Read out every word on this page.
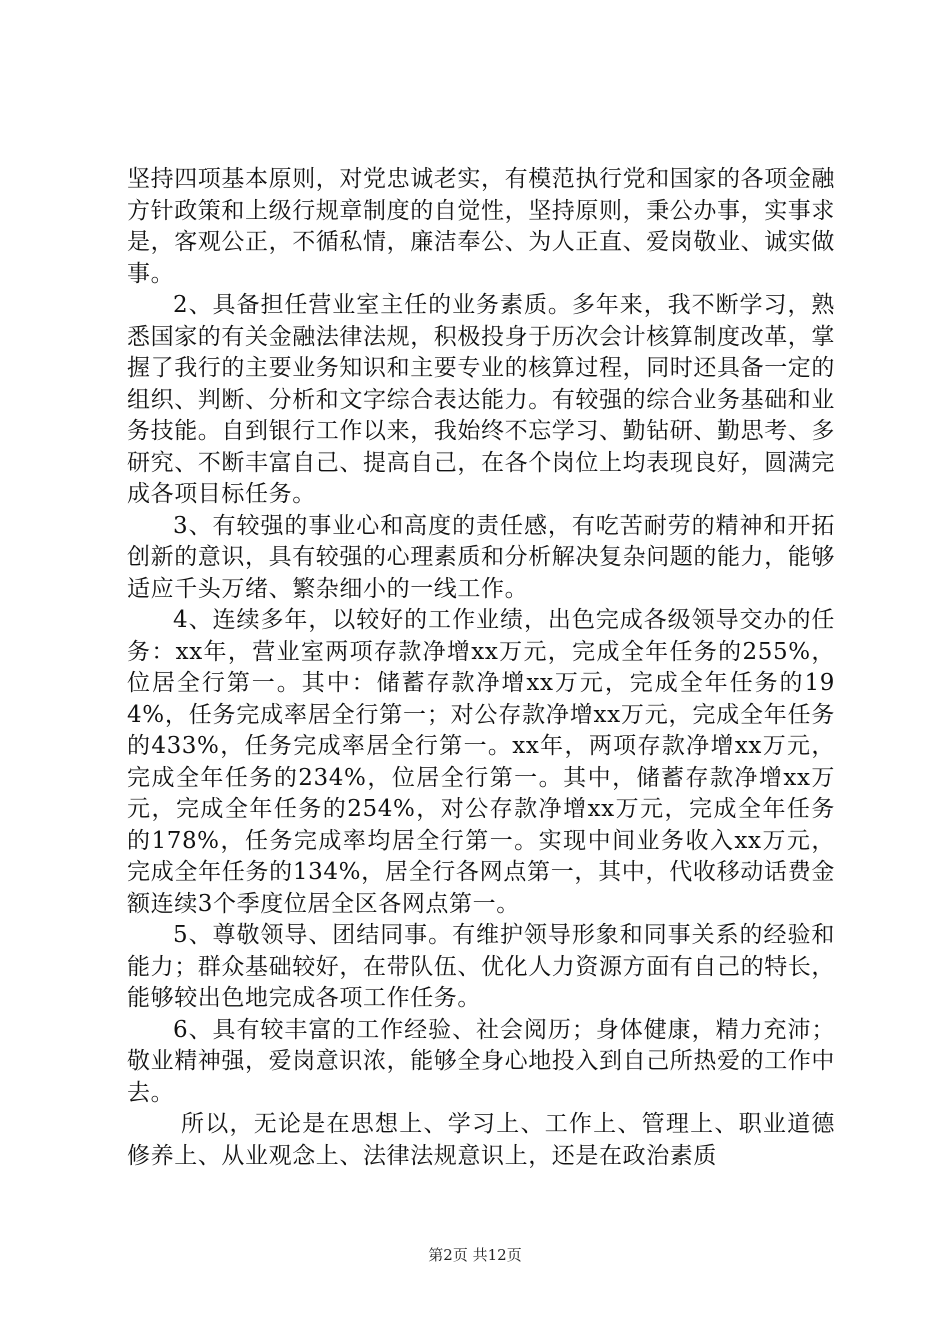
坚持四项基本原则，对党忠诚老实，有模范执行党和国家的各项金融方针政策和上级行规章制度的自觉性，坚持原则，秉公办事，实事求是，客观公正，不循私情，廉洁奉公、为人正直、爱岗敬业、诚实做事。

2、具备担任营业室主任的业务素质。多年来，我不断学习，熟悉国家的有关金融法律法规，积极投身于历次会计核算制度改革，掌握了我行的主要业务知识和主要专业的核算过程，同时还具备一定的组织、判断、分析和文字综合表达能力。有较强的综合业务基础和业务技能。自到银行工作以来，我始终不忘学习、勤钻研、勤思考、多研究、不断丰富自己、提高自己，在各个岗位上均表现良好，圆满完成各项目标任务。

3、有较强的事业心和高度的责任感，有吃苦耐劳的精神和开拓创新的意识，具有较强的心理素质和分析解决复杂问题的能力，能够适应千头万绪、繁杂细小的一线工作。

4、连续多年，以较好的工作业绩，出色完成各级领导交办的任务：xx年，营业室两项存款净增xx万元，完成全年任务的255%，位居全行第一。其中：储蓄存款净增xx万元，完成全年任务的194%，任务完成率居全行第一；对公存款净增xx万元，完成全年任务的433%，任务完成率居全行第一。xx年，两项存款净增xx万元，完成全年任务的234%，位居全行第一。其中，储蓄存款净增xx万元，完成全年任务的254%，对公存款净增xx万元，完成全年任务的178%，任务完成率均居全行第一。实现中间业务收入xx万元，完成全年任务的134%，居全行各网点第一，其中，代收移动话费金额连续3个季度位居全区各网点第一。

5、尊敬领导、团结同事。有维护领导形象和同事关系的经验和能力；群众基础较好，在带队伍、优化人力资源方面有自己的特长，能够较出色地完成各项工作任务。

6、具有较丰富的工作经验、社会阅历；身体健康，精力充沛；敬业精神强，爱岗意识浓，能够全身心地投入到自己所热爱的工作中去。

所以，无论是在思想上、学习上、工作上、管理上、职业道德修养上、从业观念上、法律法规意识上，还是在政治素质

第2页 共12页
